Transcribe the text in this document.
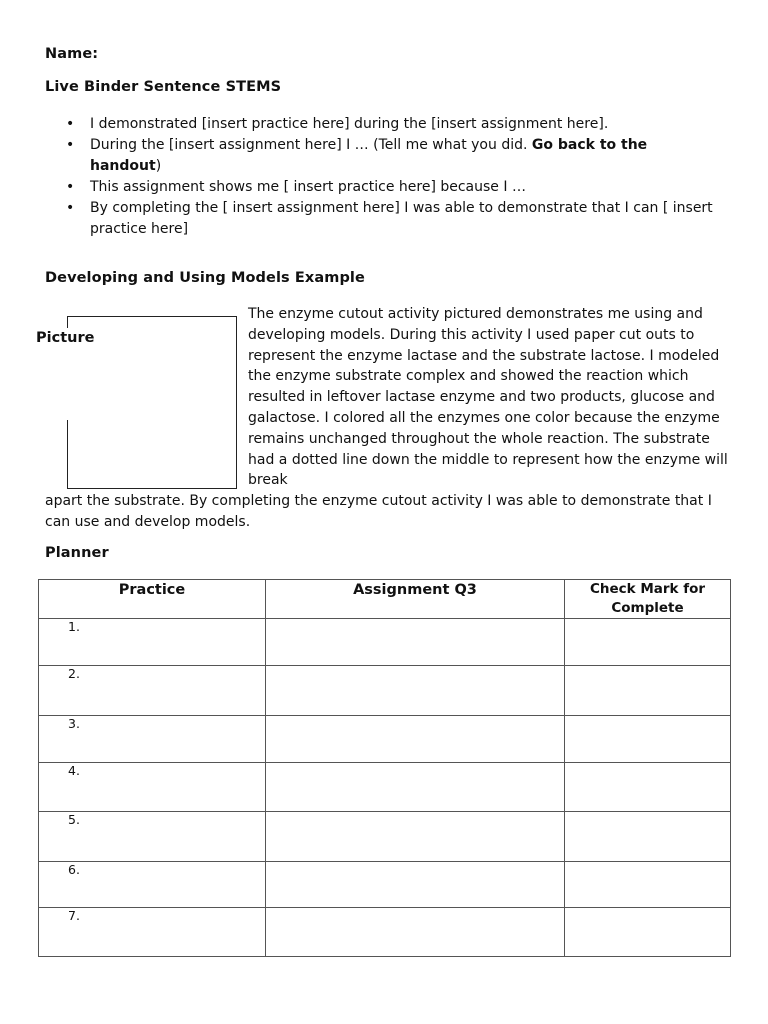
Name:
Live Binder Sentence STEMS
• I demonstrated [insert practice here] during the [insert assignment here].
• During the [insert assignment here] I … (Tell me what you did. Go back to the handout)
• This assignment shows me [ insert practice here] because I …
• By completing the [ insert assignment here] I was able to demonstrate that I can [ insert practice here]
Developing and Using Models Example
Picture
The enzyme cutout activity pictured demonstrates me using and developing models. During this activity I used paper cut outs to represent the enzyme lactase and the substrate lactose. I modeled the enzyme substrate complex and showed the reaction which resulted in leftover lactase enzyme and two products, glucose and galactose. I colored all the enzymes one color because the enzyme remains unchanged throughout the whole reaction. The substrate had a dotted line down the middle to represent how the enzyme will break
apart the substrate. By completing the enzyme cutout activity I was able to demonstrate that I can use and develop models.
Planner
Practice	Assignment Q3	Check Mark for Complete
1.		
2.		
3.		
4.		
5.		
6.		
7.		
